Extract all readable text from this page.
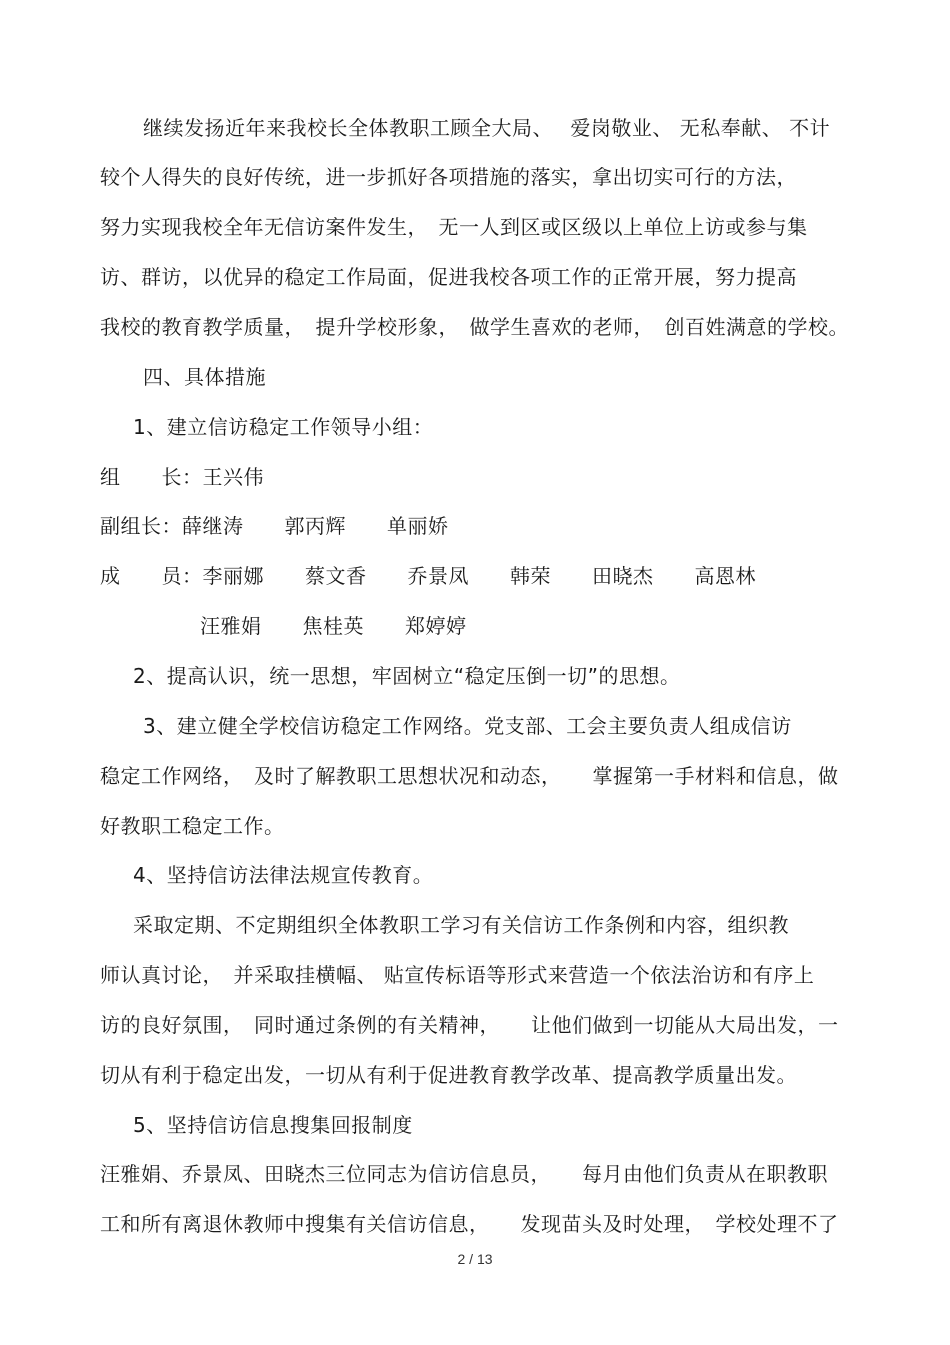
继续发扬近年来我校长全体教职工顾全大局、　 爱岗敬业、 无私奉献、 不计
较个人得失的良好传统，进一步抓好各项措施的落实，拿出切实可行的方法，
努力实现我校全年无信访案件发生，　无一人到区或区级以上单位上访或参与集
访、群访，以优异的稳定工作局面，促进我校各项工作的正常开展，努力提高
我校的教育教学质量，　提升学校形象，　做学生喜欢的老师，　创百姓满意的学校。
四、具体措施
1、建立信访稳定工作领导小组：
组　　长：王兴伟
副组长：薛继涛　　郭丙辉　　单丽娇
成　　员：李丽娜　　蔡文香　　乔景凤　　韩荣　　田晓杰　　高恩林
汪雅娟　　焦桂英　　郑婷婷
2、提高认识，统一思想，牢固树立“稳定压倒一切”的思想。
3、建立健全学校信访稳定工作网络。党支部、工会主要负责人组成信访
稳定工作网络，　及时了解教职工思想状况和动态，　　掌握第一手材料和信息，做
好教职工稳定工作。
4、坚持信访法律法规宣传教育。
采取定期、不定期组织全体教职工学习有关信访工作条例和内容，组织教
师认真讨论，　并采取挂横幅、 贴宣传标语等形式来营造一个依法治访和有序上
访的良好氛围，　同时通过条例的有关精神，　　让他们做到一切能从大局出发，一
切从有利于稳定出发，一切从有利于促进教育教学改革、提高教学质量出发。
5、坚持信访信息搜集回报制度
汪雅娟、乔景凤、田晓杰三位同志为信访信息员，　　每月由他们负责从在职教职
工和所有离退休教师中搜集有关信访信息，　　发现苗头及时处理，　学校处理不了
2 / 13
